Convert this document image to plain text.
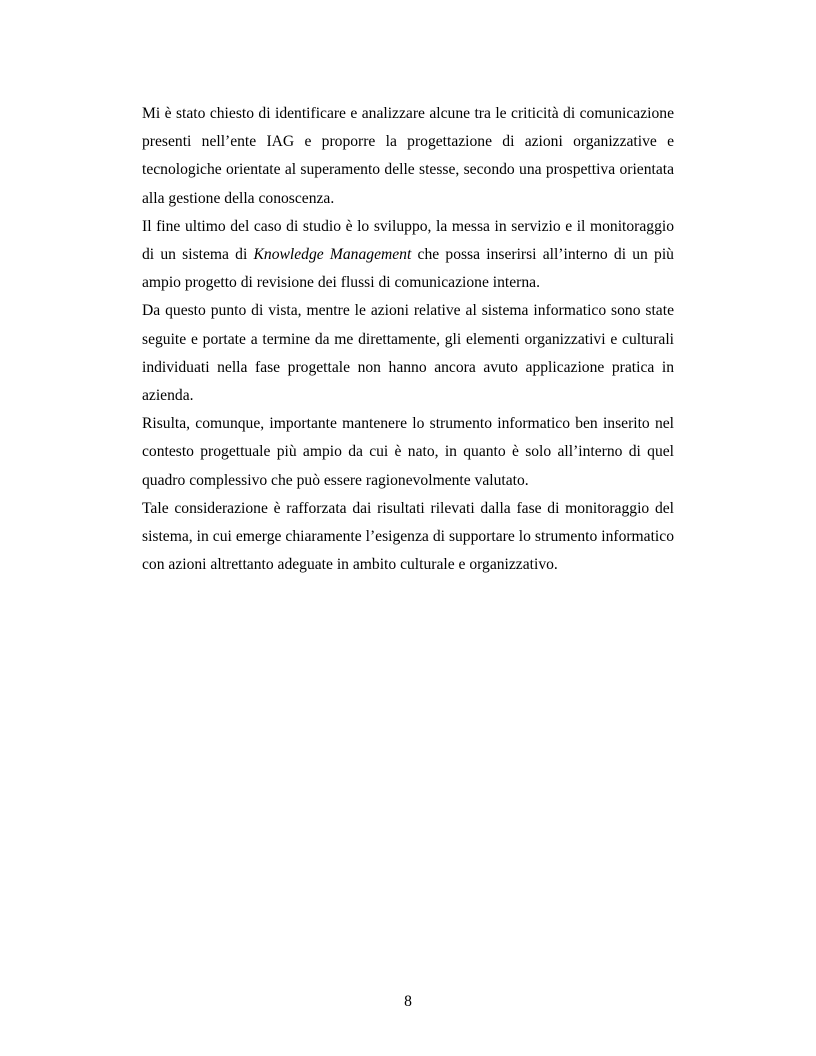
Mi è stato chiesto di identificare e analizzare alcune tra le criticità di comunicazione presenti nell’ente IAG e proporre la progettazione di azioni organizzative e tecnologiche orientate al superamento delle stesse, secondo una prospettiva orientata alla gestione della conoscenza.

Il fine ultimo del caso di studio è lo sviluppo, la messa in servizio e il monitoraggio di un sistema di Knowledge Management che possa inserirsi all’interno di un più ampio progetto di revisione dei flussi di comunicazione interna.

Da questo punto di vista, mentre le azioni relative al sistema informatico sono state seguite e portate a termine da me direttamente, gli elementi organizzativi e culturali individuati nella fase progettale non hanno ancora avuto applicazione pratica in azienda.

Risulta, comunque, importante mantenere lo strumento informatico ben inserito nel contesto progettuale più ampio da cui è nato, in quanto è solo all’interno di quel quadro complessivo che può essere ragionevolmente valutato.

Tale considerazione è rafforzata dai risultati rilevati dalla fase di monitoraggio del sistema, in cui emerge chiaramente l’esigenza di supportare lo strumento informatico con azioni altrettanto adeguate in ambito culturale e organizzativo.

8
